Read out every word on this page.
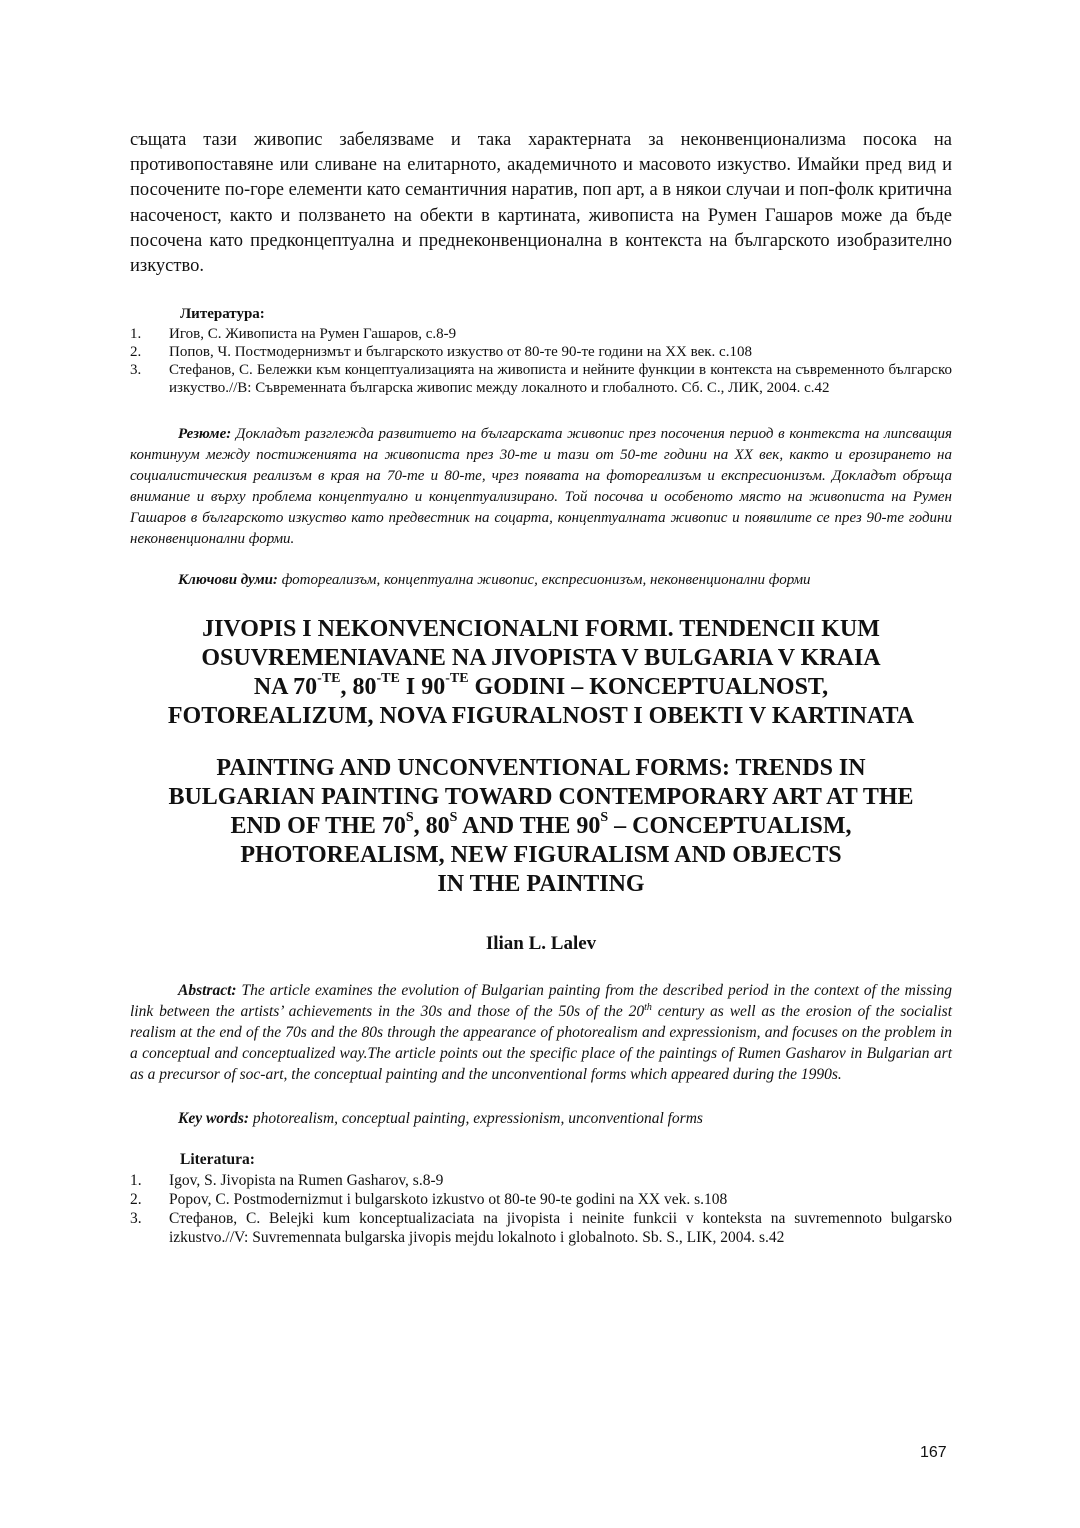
същата тази живопис забелязваме и така характерната за неконвенционализма посока на противопоставяне или сливане на елитарното, академичното и масовото изкуство. Имайки пред вид и посочените по-горе елементи като семантичния наратив, поп арт, а в някои случаи и поп-фолк критична насоченост, както и ползването на обекти в картината, живописта на Румен Гашаров може да бъде посочена като предконцептуална и преднеконвенционална в контекста на българското изобразително изкуство.

Литература:
1. Игов, С. Живописта на Румен Гашаров, с.8-9
2. Попов, Ч. Постмодернизмът и българското изкуство от 80-те 90-те години на ХХ век. с.108
3. Стефанов, С. Бележки към концептуализацията на живописта и нейните функции в контекста на съвременното българско изкуство.//В: Съвременната българска живопис между локалното и глобалното. Сб. С., ЛИК, 2004. с.42

Резюме: Докладът разглежда развитието на българската живопис през посочения период в контекста на липсващия континуум между постиженията на живописта през 30-те и тази от 50-те години на ХХ век, както и ерозирането на социалистическия реализъм в края на 70-те и 80-те, чрез появата на фотореализъм и експресионизъм. Докладът обръща внимание и върху проблема концептуално и концептуализирано. Той посочва и особеното място на живописта на Румен Гашаров в българското изкуство като предвестник на соцарта, концептуалната живопис и появилите се през 90-те години неконвенционални форми.

Ключови думи: фотореализъм, концептуална живопис, експресионизъм, неконвенционални форми

JIVOPIS I NEKONVENCIONALNI FORMI. TENDENCII KUM
OSUVREMENIAVANE NA JIVOPISTA V BULGARIA V KRAIA
NA $70^{-TE}$, $80^{-TE}$ I $90^{-TE}$ GODINI – KONCEPTUALNOST,
FOTOREALIZUM, NOVA FIGURALNOST I OBEKTI V KARTINATA
PAINTING AND UNCONVENTIONAL FORMS: TRENDS IN
BULGARIAN PAINTING TOWARD CONTEMPORARY ART AT THE
END OF THE $70^S$, $80^S$ AND THE $90^S$ – CONCEPTUALISM,
PHOTOREALISM, NEW FIGURALISM AND OBJECTS
IN THE PAINTING
Ilian L. Lalev

Abstract: The article examines the evolution of Bulgarian painting from the described period in the context of the missing link between the artists’ achievements in the 30s and those of the 50s of the 20th century as well as the erosion of the socialist realism at the end of the 70s and the 80s through the appearance of photorealism and expressionism, and focuses on the problem in a conceptual and conceptualized way.The article points out the specific place of the paintings of Rumen Gasharov in Bulgarian art as a precursor of soc-art, the conceptual painting and the unconventional forms which appeared during the 1990s.

Key words: photorealism, conceptual painting, expressionism, unconventional forms

Literatura:
1. Igov, S. Jivopista na Rumen Gasharov, s.8-9
2. Popov, C. Postmodernizmut i bulgarskoto izkustvo ot 80-te 90-te godini na XX vek. s.108
3. Стефанов, С. Belejki kum konceptualizaciata na jivopista i neinite funkcii v konteksta na suvremennoto bulgarsko izkustvo.//V: Suvremennata bulgarska jivopis mejdu lokalnoto i globalnoto. Sb. S., LIK, 2004. s.42
167
